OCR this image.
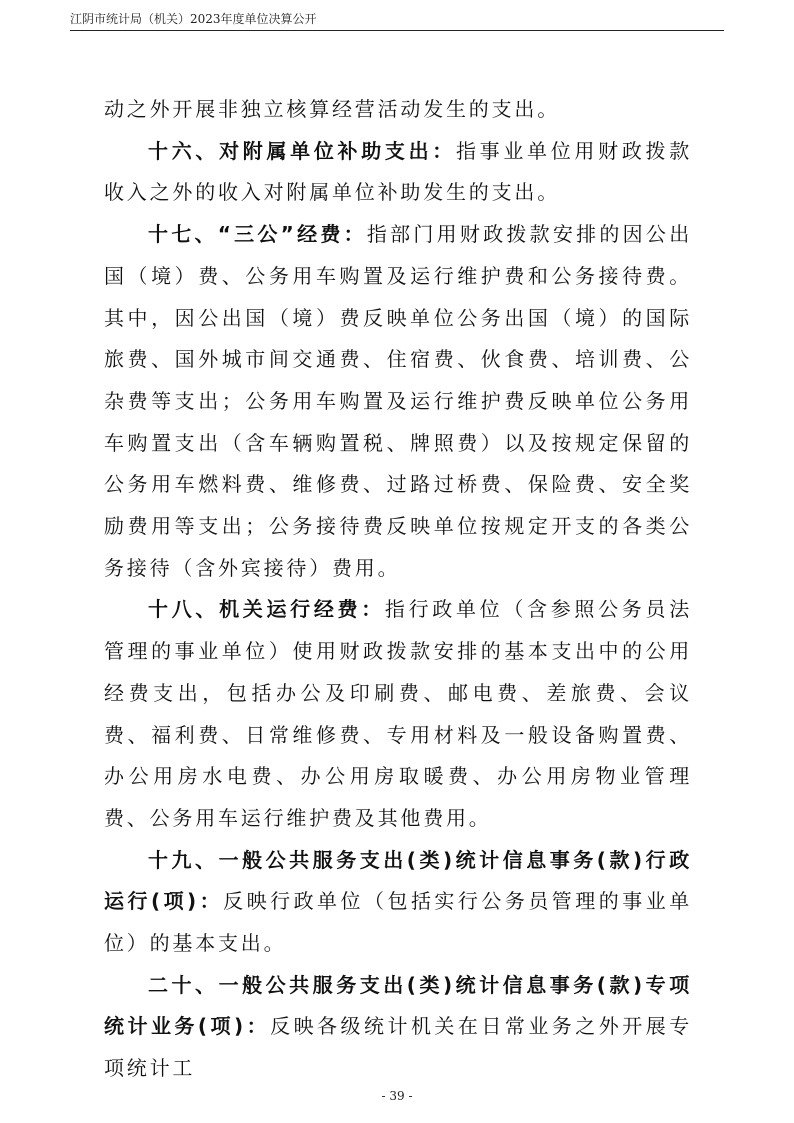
江阴市统计局（机关）2023年度单位决算公开

动之外开展非独立核算经营活动发生的支出。

十六、对附属单位补助支出：指事业单位用财政拨款收入之外的收入对附属单位补助发生的支出。

十七、“三公”经费：指部门用财政拨款安排的因公出国（境）费、公务用车购置及运行维护费和公务接待费。其中，因公出国（境）费反映单位公务出国（境）的国际旅费、国外城市间交通费、住宿费、伙食费、培训费、公杂费等支出；公务用车购置及运行维护费反映单位公务用车购置支出（含车辆购置税、牌照费）以及按规定保留的公务用车燃料费、维修费、过路过桥费、保险费、安全奖励费用等支出；公务接待费反映单位按规定开支的各类公务接待（含外宾接待）费用。

十八、机关运行经费：指行政单位（含参照公务员法管理的事业单位）使用财政拨款安排的基本支出中的公用经费支出，包括办公及印刷费、邮电费、差旅费、会议费、福利费、日常维修费、专用材料及一般设备购置费、办公用房水电费、办公用房取暖费、办公用房物业管理费、公务用车运行维护费及其他费用。

十九、一般公共服务支出(类)统计信息事务(款)行政运行(项)：反映行政单位（包括实行公务员管理的事业单位）的基本支出。

二十、一般公共服务支出(类)统计信息事务(款)专项统计业务(项)：反映各级统计机关在日常业务之外开展专项统计工

- 39 -
